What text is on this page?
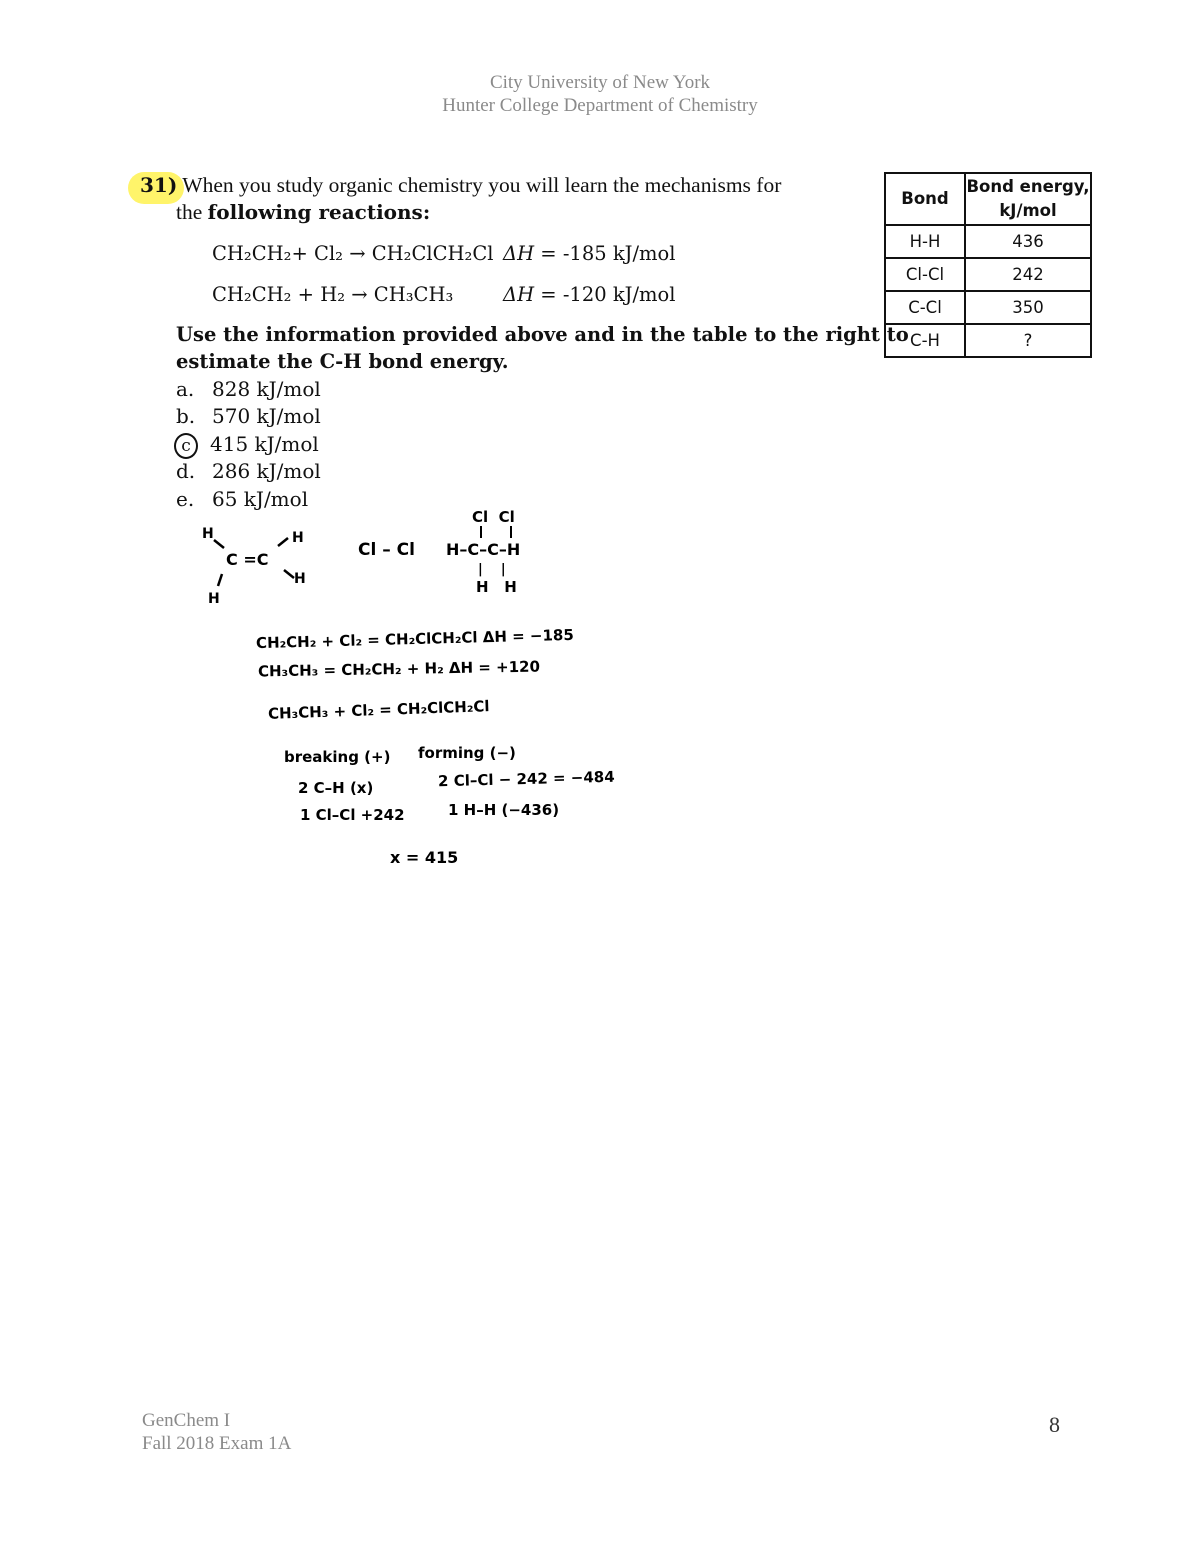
City University of New York
Hunter College Department of Chemistry
31) When you study organic chemistry you will learn the mechanisms for
the following reactions:
CH₂CH₂+ Cl₂ → CH₂ClCH₂Cl ΔH = -185 kJ/mol
CH₂CH₂ + H₂ → CH₃CH₃	ΔH = -120 kJ/mol
Use the information provided above and in the table to the right to
estimate the C-H bond energy.
a. 828 kJ/mol
b. 570 kJ/mol
c 415 kJ/mol
d. 286 kJ/mol
e. 65 kJ/mol
Bond	Bond energy,
kJ/mol
H-H	436
Cl-Cl	242
C-Cl	350
C-H	?
H	H
C =C
H
H
Cl – Cl
Cl  Cl
H–C–C–H
|    |
H   H
CH₂CH₂ + Cl₂ = CH₂ClCH₂Cl ΔH = −185
CH₃CH₃ = CH₂CH₂ + H₂ ΔH = +120
CH₃CH₃ + Cl₂ = CH₂ClCH₂Cl
breaking (+) forming (−)
2 C–H (x)
1 Cl–Cl +242
2 Cl–Cl − 242 = −484
1 H–H (−436)
x = 415
GenChem I
Fall 2018 Exam 1A
8
